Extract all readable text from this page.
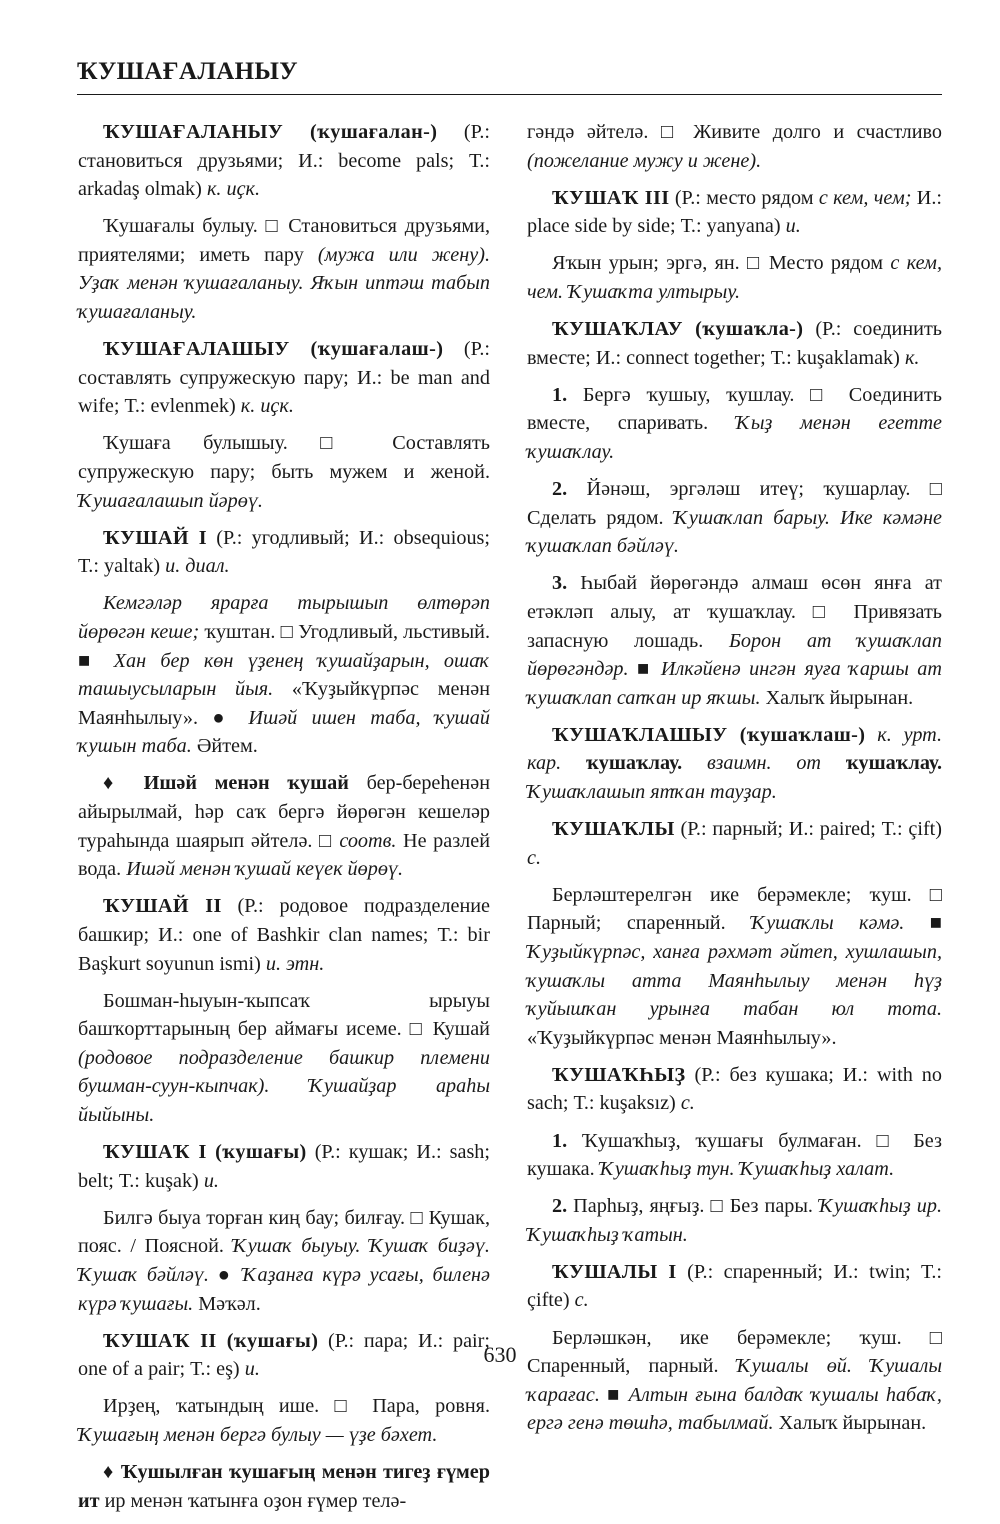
ҠУШАҒАЛАНЫУ

ҠУШАҒАЛАНЫУ (ҡушағалан-) (Р.: становиться друзьями; И.: become pals; Т.: arkadaş olmak) к. иҫк.

Ҡушағалы булыу. □ Становиться друзьями, приятелями; иметь пару (мужа или жену). Уҙаҡ менән ҡушағаланыу. Яҡын иптәш табып ҡушағаланыу.

ҠУШАҒАЛАШЫУ (ҡушағалаш-) (Р.: составлять супружескую пару; И.: be man and wife; Т.: evlenmek) к. иҫк.

Ҡушаға булышыу. □ Составлять супружескую пару; быть мужем и женой. Ҡушағалашып йәрөү.

ҠУШАЙ I (Р.: угодливый; И.: obsequious; Т.: yaltak) и. диал.

Кемгәләр ярарға тырышып өлтөрәп йөрөгән кеше; ҡуштан. □ Угодливый, льстивый. ■ Хан бер көн үҙенең ҡушайҙарын, ошаҡ ташыусыларын йыя. «Ҡуҙыйкүрпәс менән Маянһылыу». ● Ишәй ишен таба, ҡушай ҡушын таба. Әйтем.

♦ Ишәй менән ҡушай бер-береһенән айырылмай, һәр саҡ бергә йөрөгән кешеләр тураһында шаярып әйтелә. □ соотв. Не разлей вода. Ишәй менән ҡушай кеүек йөрөү.

ҠУШАЙ II (Р.: родовое подразделение башкир; И.: one of Bashkir clan names; Т.: bir Başkurt soyunun ismi) и. этн.

Бошман-һыуын-ҡыпсаҡ ырыуы башҡорттарының бер аймағы исеме. □ Кушай (родовое подразделение башкир племени бушман-суун-кыпчак). Ҡушайҙар араһы йыйыны.

ҠУШАҠ I (ҡушағы) (Р.: кушак; И.: sash; belt; Т.: kuşak) и.

Билгә быуа торған киң бау; билғау. □ Кушак, пояс. / Поясной. Ҡушаҡ быуыу. Ҡушаҡ биҙәү. Ҡушаҡ бәйләү. ● Ҡаҙанға күрә усағы, биленә күрә ҡушағы. Мәҡәл.

ҠУШАҠ II (ҡушағы) (Р.: пара; И.: pair; one of a pair; Т.: eş) и.

Ирҙең, ҡатындың ише. □ Пара, ровня. Ҡушағың менән бергә булыу — үҙе бәхет.

♦ Ҡушылған ҡушағың менән тигеҙ ғүмер ит ир менән ҡатынға оҙон ғүмер телә-

гәндә әйтелә. □ Живите долго и счастливо (пожелание мужу и жене).

ҠУШАҠ III (Р.: место рядом с кем, чем; И.: place side by side; Т.: yanyana) и.

Яҡын урын; эргә, ян. □ Место рядом с кем, чем. Ҡушаҡта ултырыу.

ҠУШАҠЛАУ (ҡушаҡла-) (Р.: соединить вместе; И.: connect together; Т.: kuşaklamak) к.

1. Бергә ҡушыу, ҡушлау. □ Соединить вместе, спаривать. Ҡыҙ менән егетте ҡушаҡлау.

2. Йәнәш, эргәләш итеү; ҡушарлау. □ Сделать рядом. Ҡушаҡлап барыу. Ике кәмәне ҡушаҡлап бәйләү.

3. Һыбай йөрөгәндә алмаш өсөн янға ат етәкләп алыу, ат ҡушаҡлау. □ Привязать запасную лошадь. Борон ат ҡушаҡлап йөрөгәндәр. ■ Илкәйенә ингән яуға ҡаршы ат ҡушаҡлап сапҡан ир яҡшы. Халыҡ йырынан.

ҠУШАҠЛАШЫУ (ҡушаҡлаш-) к. урт. кар. ҡушаҡлау. взаимн. от ҡушаҡлау. Ҡушаҡлашып ятҡан тауҙар.

ҠУШАҠЛЫ (Р.: парный; И.: paired; Т.: çift) с.

Берләштерелгән ике берәмекле; ҡуш. □ Парный; спаренный. Ҡушаҡлы кәмә. ■ Ҡуҙыйкүрпәс, ханға рәхмәт әйтеп, хушлашып, ҡушаҡлы атта Маянһылыу менән һүҙ ҡуйышҡан урынға табан юл тота. «Ҡуҙыйкүрпәс менән Маянһылыу».

ҠУШАҠҺЫҘ (Р.: без кушака; И.: with no sach; Т.: kuşaksız) с.

1. Ҡушаҡһыҙ, ҡушағы булмаған. □ Без кушака. Ҡушаҡһыҙ тун. Ҡушаҡһыҙ халат.

2. Парһыҙ, яңғыҙ. □ Без пары. Ҡушаҡһыҙ ир. Ҡушаҡһыҙ ҡатын.

ҠУШАЛЫ I (Р.: спаренный; И.: twin; Т.: çifte) с.

Берләшкән, ике берәмекле; ҡуш. □ Спаренный, парный. Ҡушалы өй. Ҡушалы ҡарағас. ■ Алтын ғына балдаҡ ҡушалы һабаҡ, ергә генә төшһә, табылмай. Халыҡ йырынан.

630
